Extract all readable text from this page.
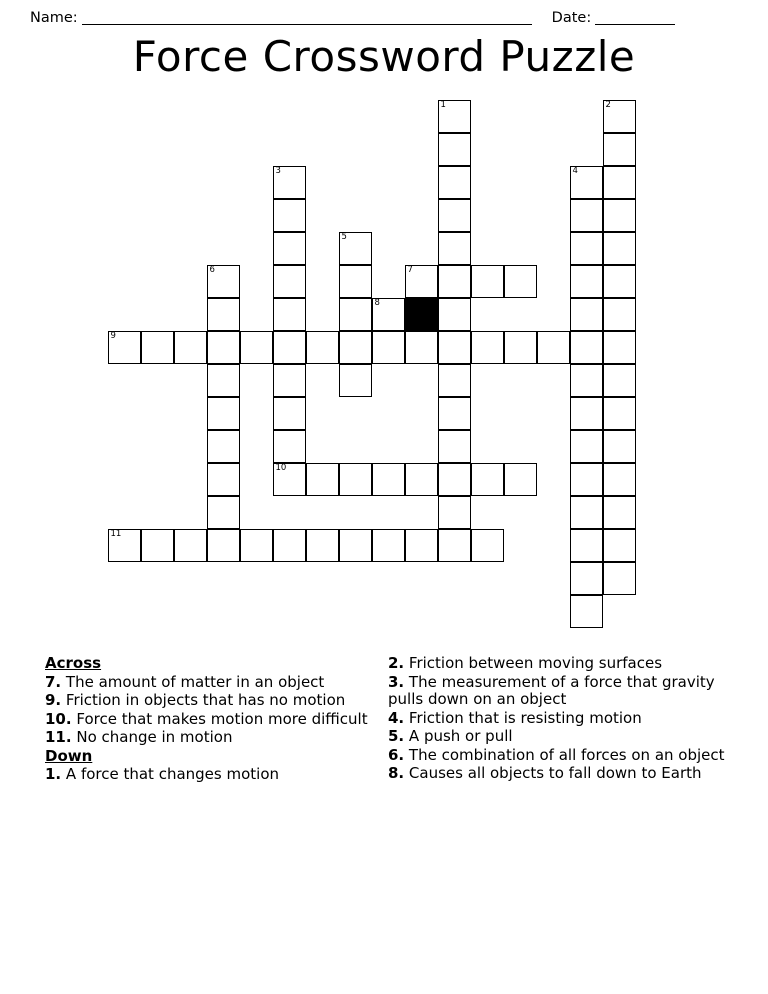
Name:	Date:
Force Crossword Puzzle
1	2
3	4
5
6	7
8
9
10
11
Across
7. The amount of matter in an object
9. Friction in objects that has no motion
10. Force that makes motion more difficult
11. No change in motion
Down
1. A force that changes motion
2. Friction between moving surfaces
3. The measurement of a force that gravity pulls down on an object
4. Friction that is resisting motion
5. A push or pull
6. The combination of all forces on an object
8. Causes all objects to fall down to Earth
